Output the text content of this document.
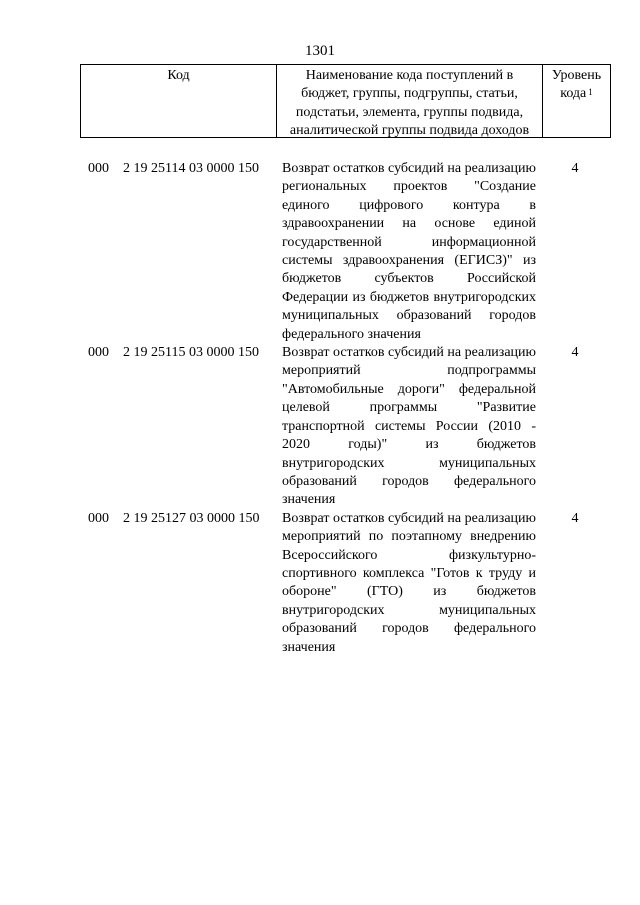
1301
Код	Наименование кода поступлений в бюджет, группы, подгруппы, статьи, подстатьи, элемента, группы подвида, аналитической группы подвида доходов
Уровень кода $^1$
000 2 19 25114 03 0000 150 Возврат остатков субсидий на реализацию региональных проектов "Создание единого цифрового контура в здравоохранении на основе единой государственной информационной системы здравоохранения (ЕГИСЗ)" из бюджетов субъектов Российской Федерации из бюджетов внутригородских муниципальных образований городов федерального значения
4
000 2 19 25115 03 0000 150 Возврат остатков субсидий на реализацию мероприятий подпрограммы "Автомобильные дороги" федеральной целевой программы "Развитие транспортной системы России (2010 - 2020 годы)" из бюджетов внутригородских муниципальных образований городов федерального значения
4
000 2 19 25127 03 0000 150 Возврат остатков субсидий на реализацию мероприятий по поэтапному внедрению Всероссийского физкультурно-спортивного комплекса "Готов к труду и обороне" (ГТО) из бюджетов внутригородских муниципальных образований городов федерального значения
4
